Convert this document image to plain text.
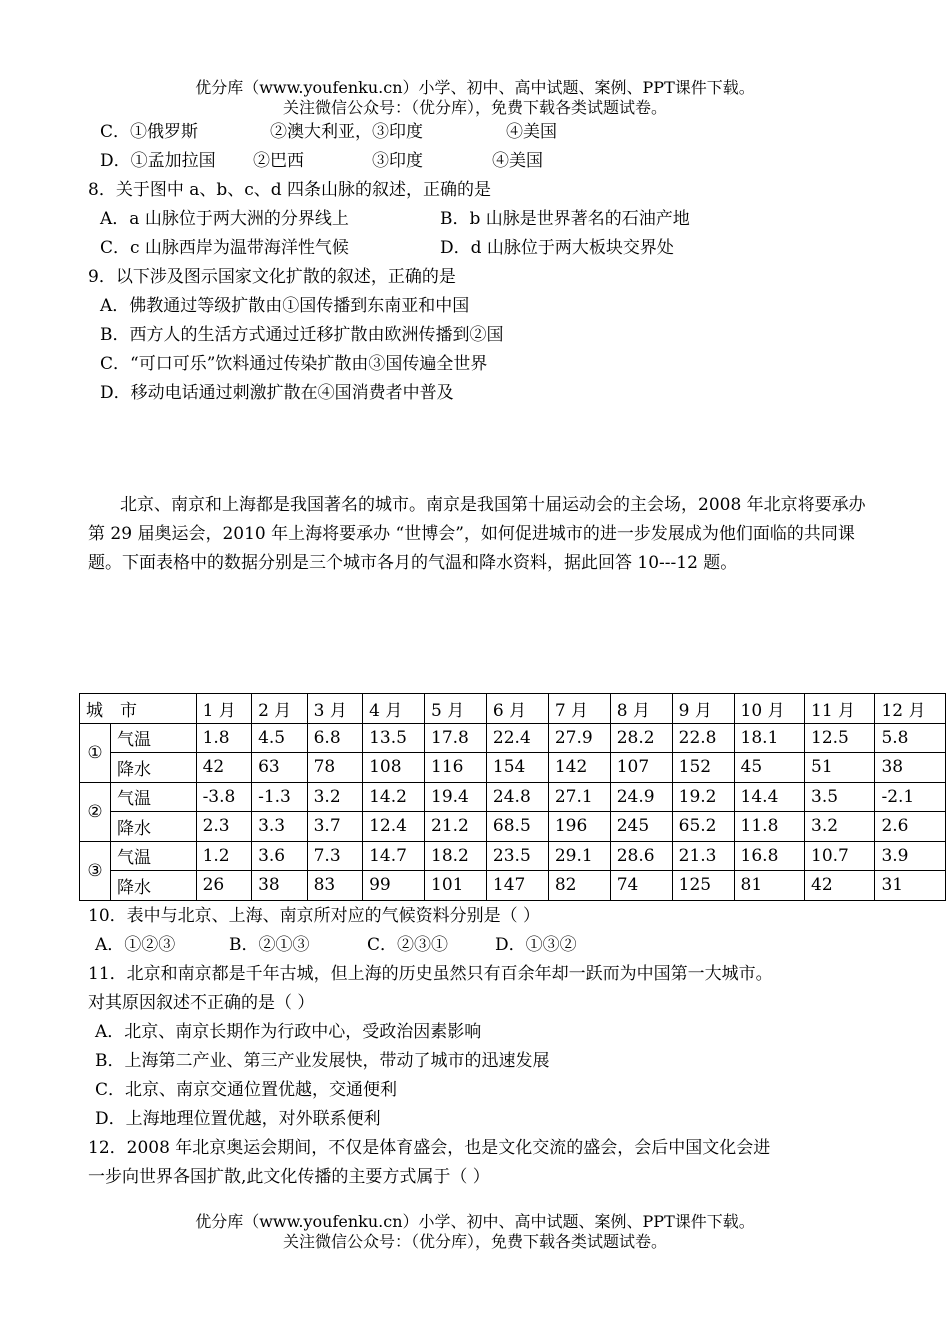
优分库（www.youfenku.cn）小学、初中、高中试题、案例、PPT课件下载。
关注微信公众号：（优分库），免费下载各类试题试卷。
C．①俄罗斯	②澳大利亚，③印度	④美国
D．①孟加拉国 ②巴西	③印度	④美国
8．关于图中 a、b、c、d 四条山脉的叙述，正确的是
A．a 山脉位于两大洲的分界线上	B．b 山脉是世界著名的石油产地
C．c 山脉西岸为温带海洋性气候	D．d 山脉位于两大板块交界处
9．以下涉及图示国家文化扩散的叙述，正确的是
A．佛教通过等级扩散由①国传播到东南亚和中国
B．西方人的生活方式通过迁移扩散由欧洲传播到②国
C．“可口可乐”饮料通过传染扩散由③国传遍全世界
D．移动电话通过刺激扩散在④国消费者中普及
北京、南京和上海都是我国著名的城市。南京是我国第十届运动会的主会场，2008 年北京将要承办第 29 届奥运会，2010 年上海将要承办 “世博会”，如何促进城市的进一步发展成为他们面临的共同课题。下面表格中的数据分别是三个城市各月的气温和降水资料，据此回答 10---12 题。
城　市		1 月	2 月	3 月	4 月	5 月	6 月	7 月	8 月	9 月	10 月	11 月	12 月
①	气温	1.8	4.5	6.8	13.5	17.8	22.4	27.9	28.2	22.8	18.1	12.5	5.8
	降水	42	63	78	108	116	154	142	107	152	45	51	38
②	气温	-3.8	-1.3	3.2	14.2	19.4	24.8	27.1	24.9	19.2	14.4	3.5	-2.1
	降水	2.3	3.3	3.7	12.4	21.2	68.5	196	245	65.2	11.8	3.2	2.6
③	气温	1.2	3.6	7.3	14.7	18.2	23.5	29.1	28.6	21.3	16.8	10.7	3.9
	降水	26	38	83	99	101	147	82	74	125	81	42	31
10．表中与北京、上海、南京所对应的气候资料分别是（ ）
A．①②③	B．②①③	C．②③①	D．①③②
11．北京和南京都是千年古城，但上海的历史虽然只有百余年却一跃而为中国第一大城市。
对其原因叙述不正确的是（ ）
A．北京、南京长期作为行政中心，受政治因素影响
B．上海第二产业、第三产业发展快，带动了城市的迅速发展
C．北京、南京交通位置优越，交通便利
D．上海地理位置优越，对外联系便利
12．2008 年北京奥运会期间，不仅是体育盛会，也是文化交流的盛会，会后中国文化会进
一步向世界各国扩散,此文化传播的主要方式属于（ ）
优分库（www.youfenku.cn）小学、初中、高中试题、案例、PPT课件下载。
关注微信公众号：（优分库），免费下载各类试题试卷。
